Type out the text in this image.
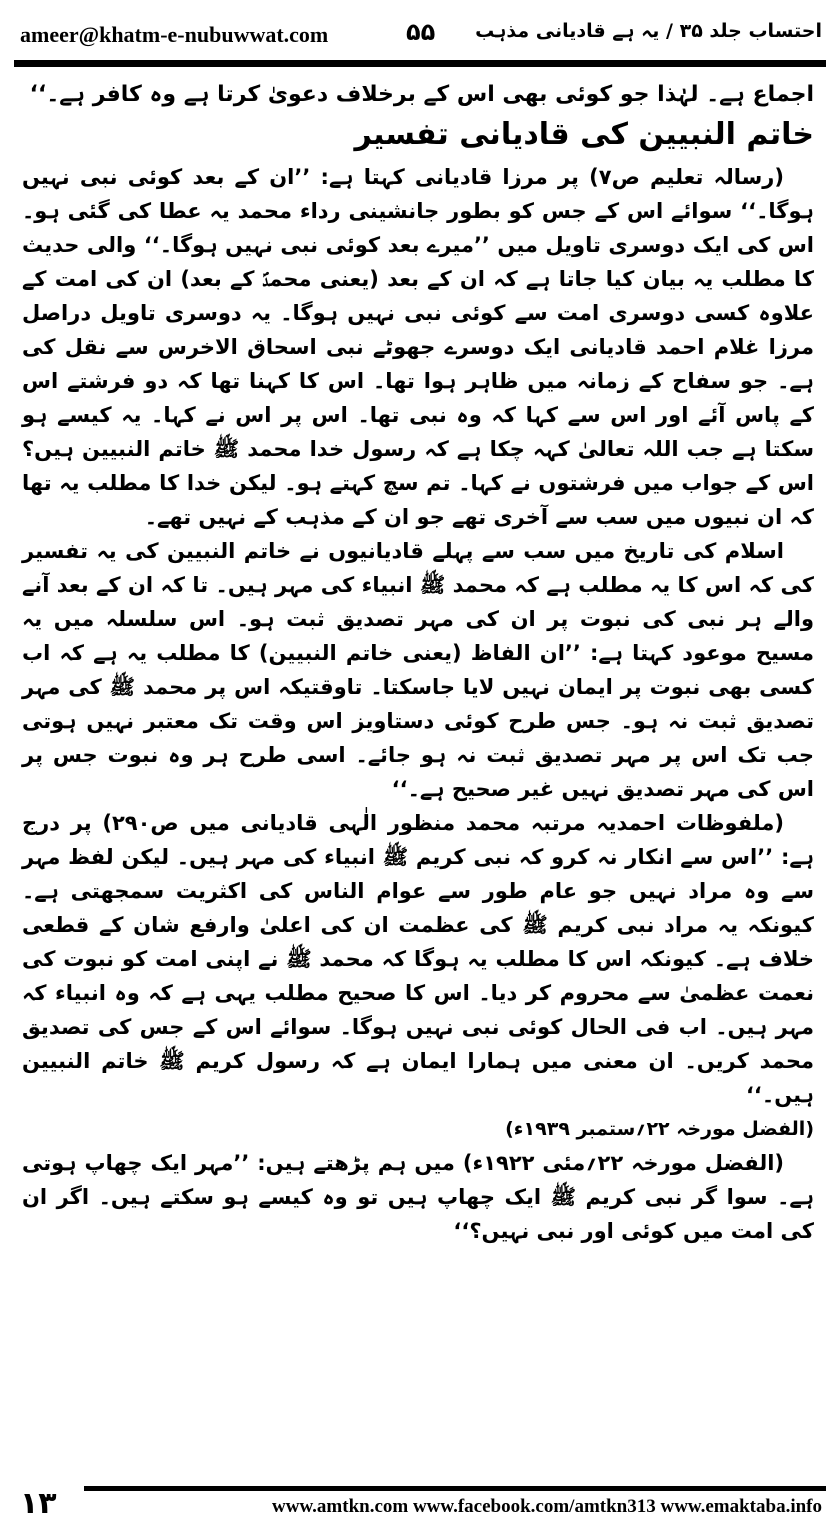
ameer@khatm-e-nubuwwat.com	۵۵ احتساب جلد ۳۵ / یہ ہے قادیانی مذہب

اجماع ہے۔ لہٰذا جو کوئی بھی اس کے برخلاف دعویٰ کرتا ہے وہ کافر ہے۔‘‘

خاتم النبیین کی قادیانی تفسیر

(رسالہ تعلیم ص۷) پر مرزا قادیانی کہتا ہے: ’’ان کے بعد کوئی نبی نہیں ہوگا۔‘‘ سوائے اس کے جس کو بطور جانشینی رداء محمد یہ عطا کی گئی ہو۔ اس کی ایک دوسری تاویل میں ’’میرے بعد کوئی نبی نہیں ہوگا۔‘‘ والی حدیث کا مطلب یہ بیان کیا جاتا ہے کہ ان کے بعد (یعنی محمدؐ کے بعد) ان کی امت کے علاوہ کسی دوسری امت سے کوئی نبی نہیں ہوگا۔ یہ دوسری تاویل دراصل مرزا غلام احمد قادیانی ایک دوسرے جھوٹے نبی اسحاق الاخرس سے نقل کی ہے۔ جو سفاح کے زمانہ میں ظاہر ہوا تھا۔ اس کا کہنا تھا کہ دو فرشتے اس کے پاس آئے اور اس سے کہا کہ وہ نبی تھا۔ اس پر اس نے کہا۔ یہ کیسے ہو سکتا ہے جب اللہ تعالیٰ کہہ چکا ہے کہ رسول خدا محمد ﷺ خاتم النبیین ہیں؟ اس کے جواب میں فرشتوں نے کہا۔ تم سچ کہتے ہو۔ لیکن خدا کا مطلب یہ تھا کہ ان نبیوں میں سب سے آخری تھے جو ان کے مذہب کے نہیں تھے۔

اسلام کی تاریخ میں سب سے پہلے قادیانیوں نے خاتم النبیین کی یہ تفسیر کی کہ اس کا یہ مطلب ہے کہ محمد ﷺ انبیاء کی مہر ہیں۔ تا کہ ان کے بعد آنے والے ہر نبی کی نبوت پر ان کی مہر تصدیق ثبت ہو۔ اس سلسلہ میں یہ مسیح موعود کہتا ہے: ’’ان الفاظ (یعنی خاتم النبیین) کا مطلب یہ ہے کہ اب کسی بھی نبوت پر ایمان نہیں لایا جاسکتا۔ تاوقتیکہ اس پر محمد ﷺ کی مہر تصدیق ثبت نہ ہو۔ جس طرح کوئی دستاویز اس وقت تک معتبر نہیں ہوتی جب تک اس پر مہر تصدیق ثبت نہ ہو جائے۔ اسی طرح ہر وہ نبوت جس پر اس کی مہر تصدیق نہیں غیر صحیح ہے۔‘‘

(ملفوظات احمدیہ مرتبہ محمد منظور الٰہی قادیانی میں ص۲۹۰) پر درج ہے: ’’اس سے انکار نہ کرو کہ نبی کریم ﷺ انبیاء کی مہر ہیں۔ لیکن لفظ مہر سے وہ مراد نہیں جو عام طور سے عوام الناس کی اکثریت سمجھتی ہے۔ کیونکہ یہ مراد نبی کریم ﷺ کی عظمت ان کی اعلیٰ وارفع شان کے قطعی خلاف ہے۔ کیونکہ اس کا مطلب یہ ہوگا کہ محمد ﷺ نے اپنی امت کو نبوت کی نعمت عظمیٰ سے محروم کر دیا۔ اس کا صحیح مطلب یہی ہے کہ وہ انبیاء کہ مہر ہیں۔ اب فی الحال کوئی نبی نہیں ہوگا۔ سوائے اس کے جس کی تصدیق محمد کریں۔ ان معنی میں ہمارا ایمان ہے کہ رسول کریم ﷺ خاتم النبیین ہیں۔‘‘

(الفضل مورخہ ۲۲؍ستمبر ۱۹۳۹ء)

(الفضل مورخہ ۲۲؍مئی ۱۹۲۲ء) میں ہم پڑھتے ہیں: ’’مہر ایک چھاپ ہوتی ہے۔ سوا گر نبی کریم ﷺ ایک چھاپ ہیں تو وہ کیسے ہو سکتے ہیں۔ اگر ان کی امت میں کوئی اور نبی نہیں؟‘‘

۱۳	www.amtkn.com www.facebook.com/amtkn313 www.emaktaba.info
